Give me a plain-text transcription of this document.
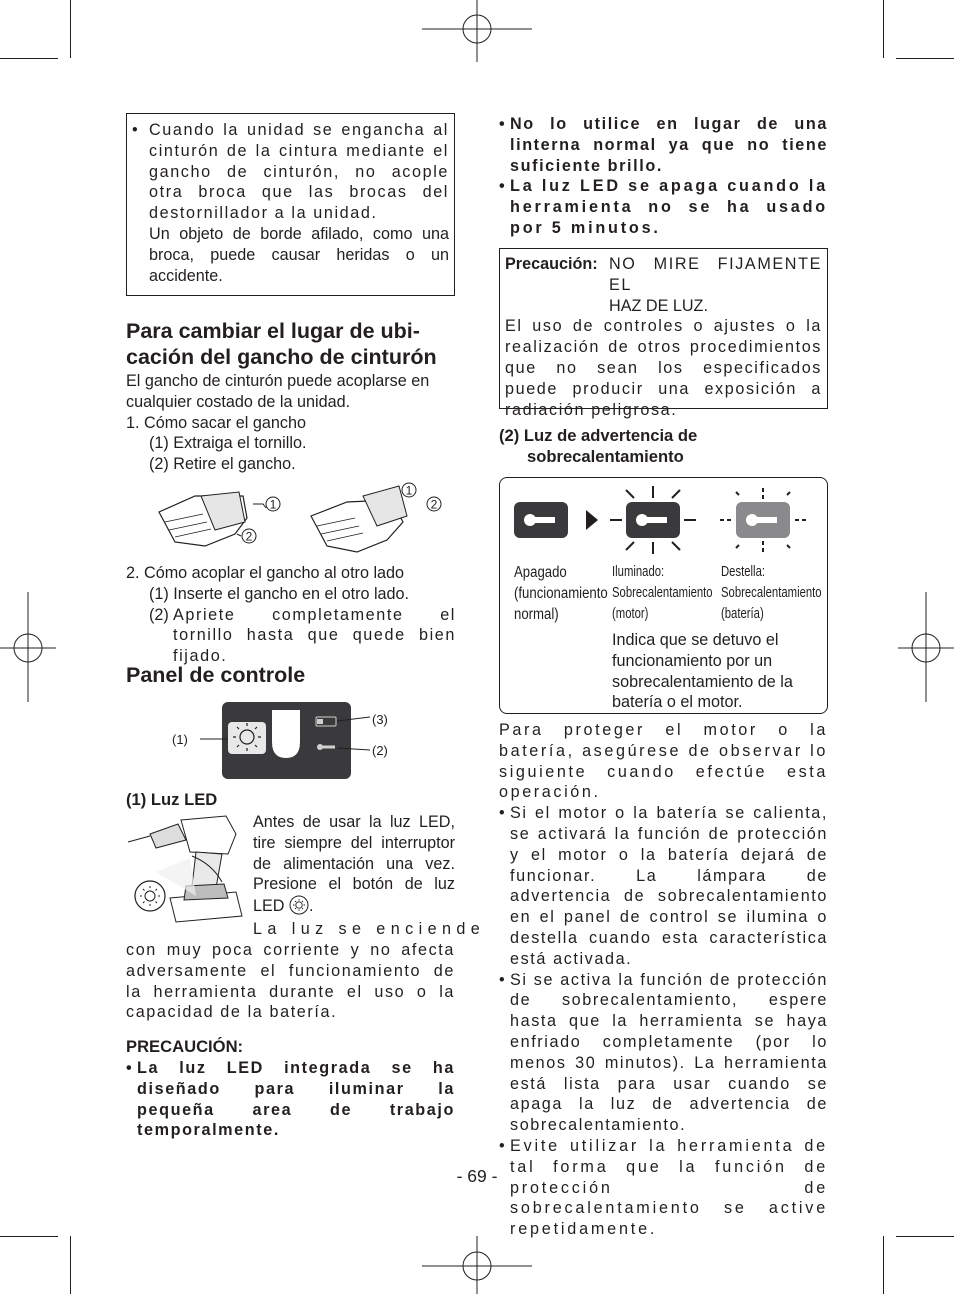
• Cuando la unidad se engancha al cinturón de la cintura mediante el gancho de cinturón, no acople otra broca que las brocas del destornillador a la unidad.
Un objeto de borde afilado, como una broca, puede causar heridas o un accidente.
Para cambiar el lugar de ubi-
cación del gancho de cinturón
El gancho de cinturón puede acoplarse en cualquier costado de la unidad.
1. Cómo sacar el gancho
(1) Extraiga el tornillo.
(2) Retire el gancho.
1
2
1
2
2. Cómo acoplar el gancho al otro lado
(1) Inserte el gancho en el otro lado.
(2) Apriete completamente el tornillo hasta que quede bien fijado.
Panel de controle
(1)
(3)
(2)
(1) Luz LED
Antes de usar la luz LED, tire siempre del interruptor de alimentación una vez. Presione el botón de luz LED .
La luz se enciende
con muy poca corriente y no afecta adversamente el funcionamiento de la herramienta durante el uso o la capacidad de la batería.
PRECAUCIÓN:
• La luz LED integrada se ha diseñado para iluminar la pequeña area de trabajo temporalmente.
• No lo utilice en lugar de una linterna normal ya que no tiene suficiente brillo.
• La luz LED se apaga cuando la herramienta no se ha usado por 5 minutos.
Precaución: NO MIRE FIJAMENTE EL
HAZ DE LUZ.
El uso de controles o ajustes o la realización de otros procedimientos que no sean los especificados puede producir una exposición a radiación peligrosa.
(2) Luz de advertencia de
sobrecalentamiento
Apagado
(funcionamiento
normal)
Iluminado:
Sobrecalentamiento
(motor)
Destella:
Sobrecalentamiento
(batería)
Indica que se detuvo el funcionamiento por un sobrecalentamiento de la batería o el motor.
Para proteger el motor o la batería, asegúrese de observar lo siguiente cuando efectúe esta operación.
• Si el motor o la batería se calienta, se activará la función de protección y el motor o la batería dejará de funcionar. La lámpara de advertencia de sobrecalentamiento en el panel de control se ilumina o destella cuando esta característica está activada.
• Si se activa la función de protección de sobrecalentamiento, espere hasta que la herramienta se haya enfriado completamente (por lo menos 30 minutos). La herramienta está lista para usar cuando se apaga la luz de advertencia de sobrecalentamiento.
• Evite utilizar la herramienta de tal forma que la función de protección de sobrecalentamiento se active repetidamente.
- 69 -
